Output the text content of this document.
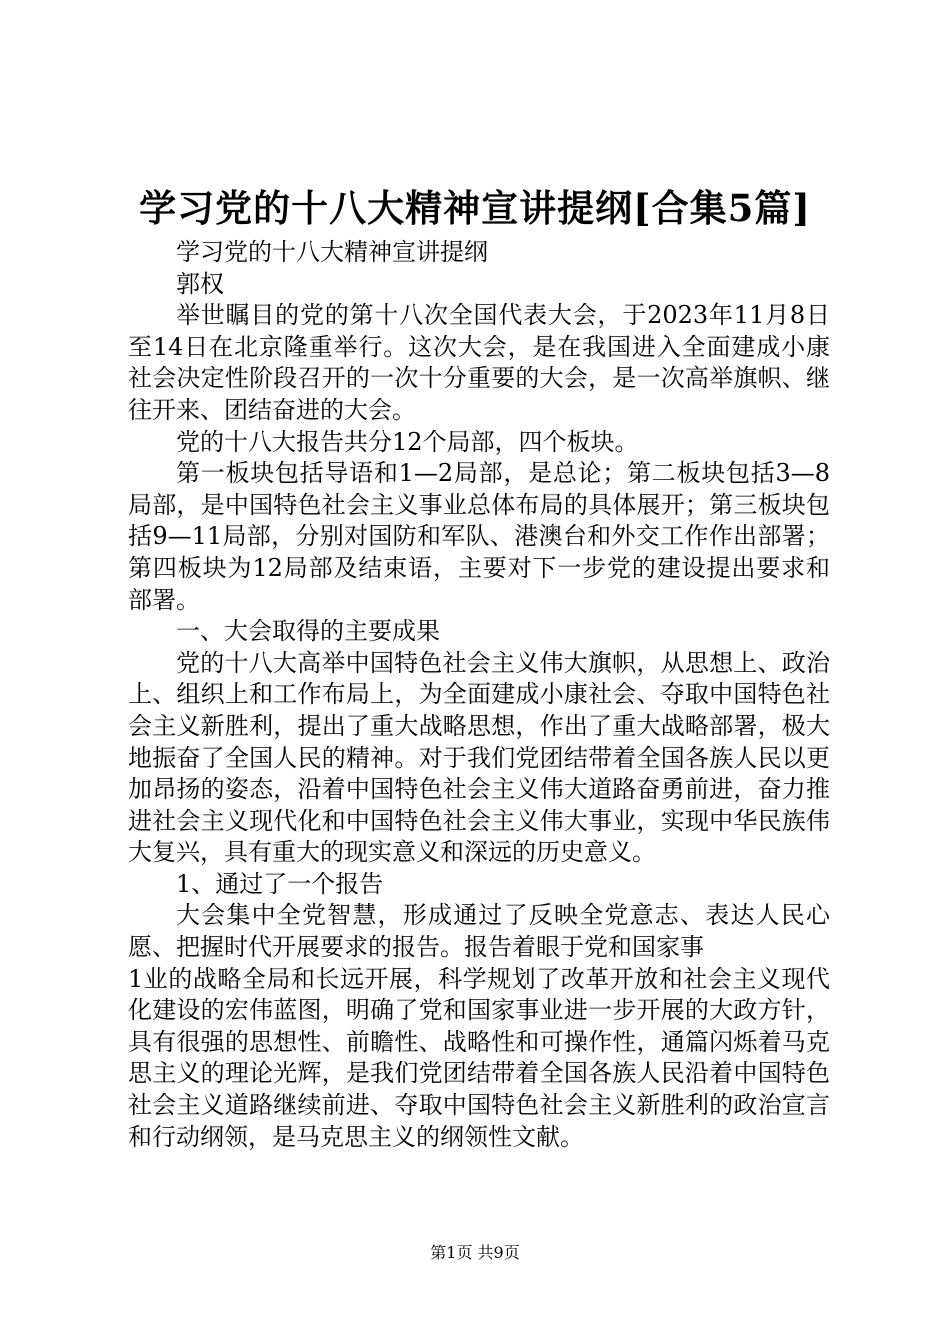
学习党的十八大精神宣讲提纲[合集5篇]

学习党的十八大精神宣讲提纲

郭权

举世瞩目的党的第十八次全国代表大会，于2023年11月8日至14日在北京隆重举行。这次大会，是在我国进入全面建成小康社会决定性阶段召开的一次十分重要的大会，是一次高举旗帜、继往开来、团结奋进的大会。

党的十八大报告共分12个局部，四个板块。

第一板块包括导语和1—2局部，是总论；第二板块包括3—8局部，是中国特色社会主义事业总体布局的具体展开；第三板块包括9—11局部，分别对国防和军队、港澳台和外交工作作出部署；第四板块为12局部及结束语，主要对下一步党的建设提出要求和部署。

一、大会取得的主要成果

党的十八大高举中国特色社会主义伟大旗帜，从思想上、政治上、组织上和工作布局上，为全面建成小康社会、夺取中国特色社会主义新胜利，提出了重大战略思想，作出了重大战略部署，极大地振奋了全国人民的精神。对于我们党团结带着全国各族人民以更加昂扬的姿态，沿着中国特色社会主义伟大道路奋勇前进，奋力推进社会主义现代化和中国特色社会主义伟大事业，实现中华民族伟大复兴，具有重大的现实意义和深远的历史意义。

1、通过了一个报告

大会集中全党智慧，形成通过了反映全党意志、表达人民心愿、把握时代开展要求的报告。报告着眼于党和国家事

1业的战略全局和长远开展，科学规划了改革开放和社会主义现代化建设的宏伟蓝图，明确了党和国家事业进一步开展的大政方针，具有很强的思想性、前瞻性、战略性和可操作性，通篇闪烁着马克思主义的理论光辉，是我们党团结带着全国各族人民沿着中国特色社会主义道路继续前进、夺取中国特色社会主义新胜利的政治宣言和行动纲领，是马克思主义的纲领性文献。

第1页 共9页
